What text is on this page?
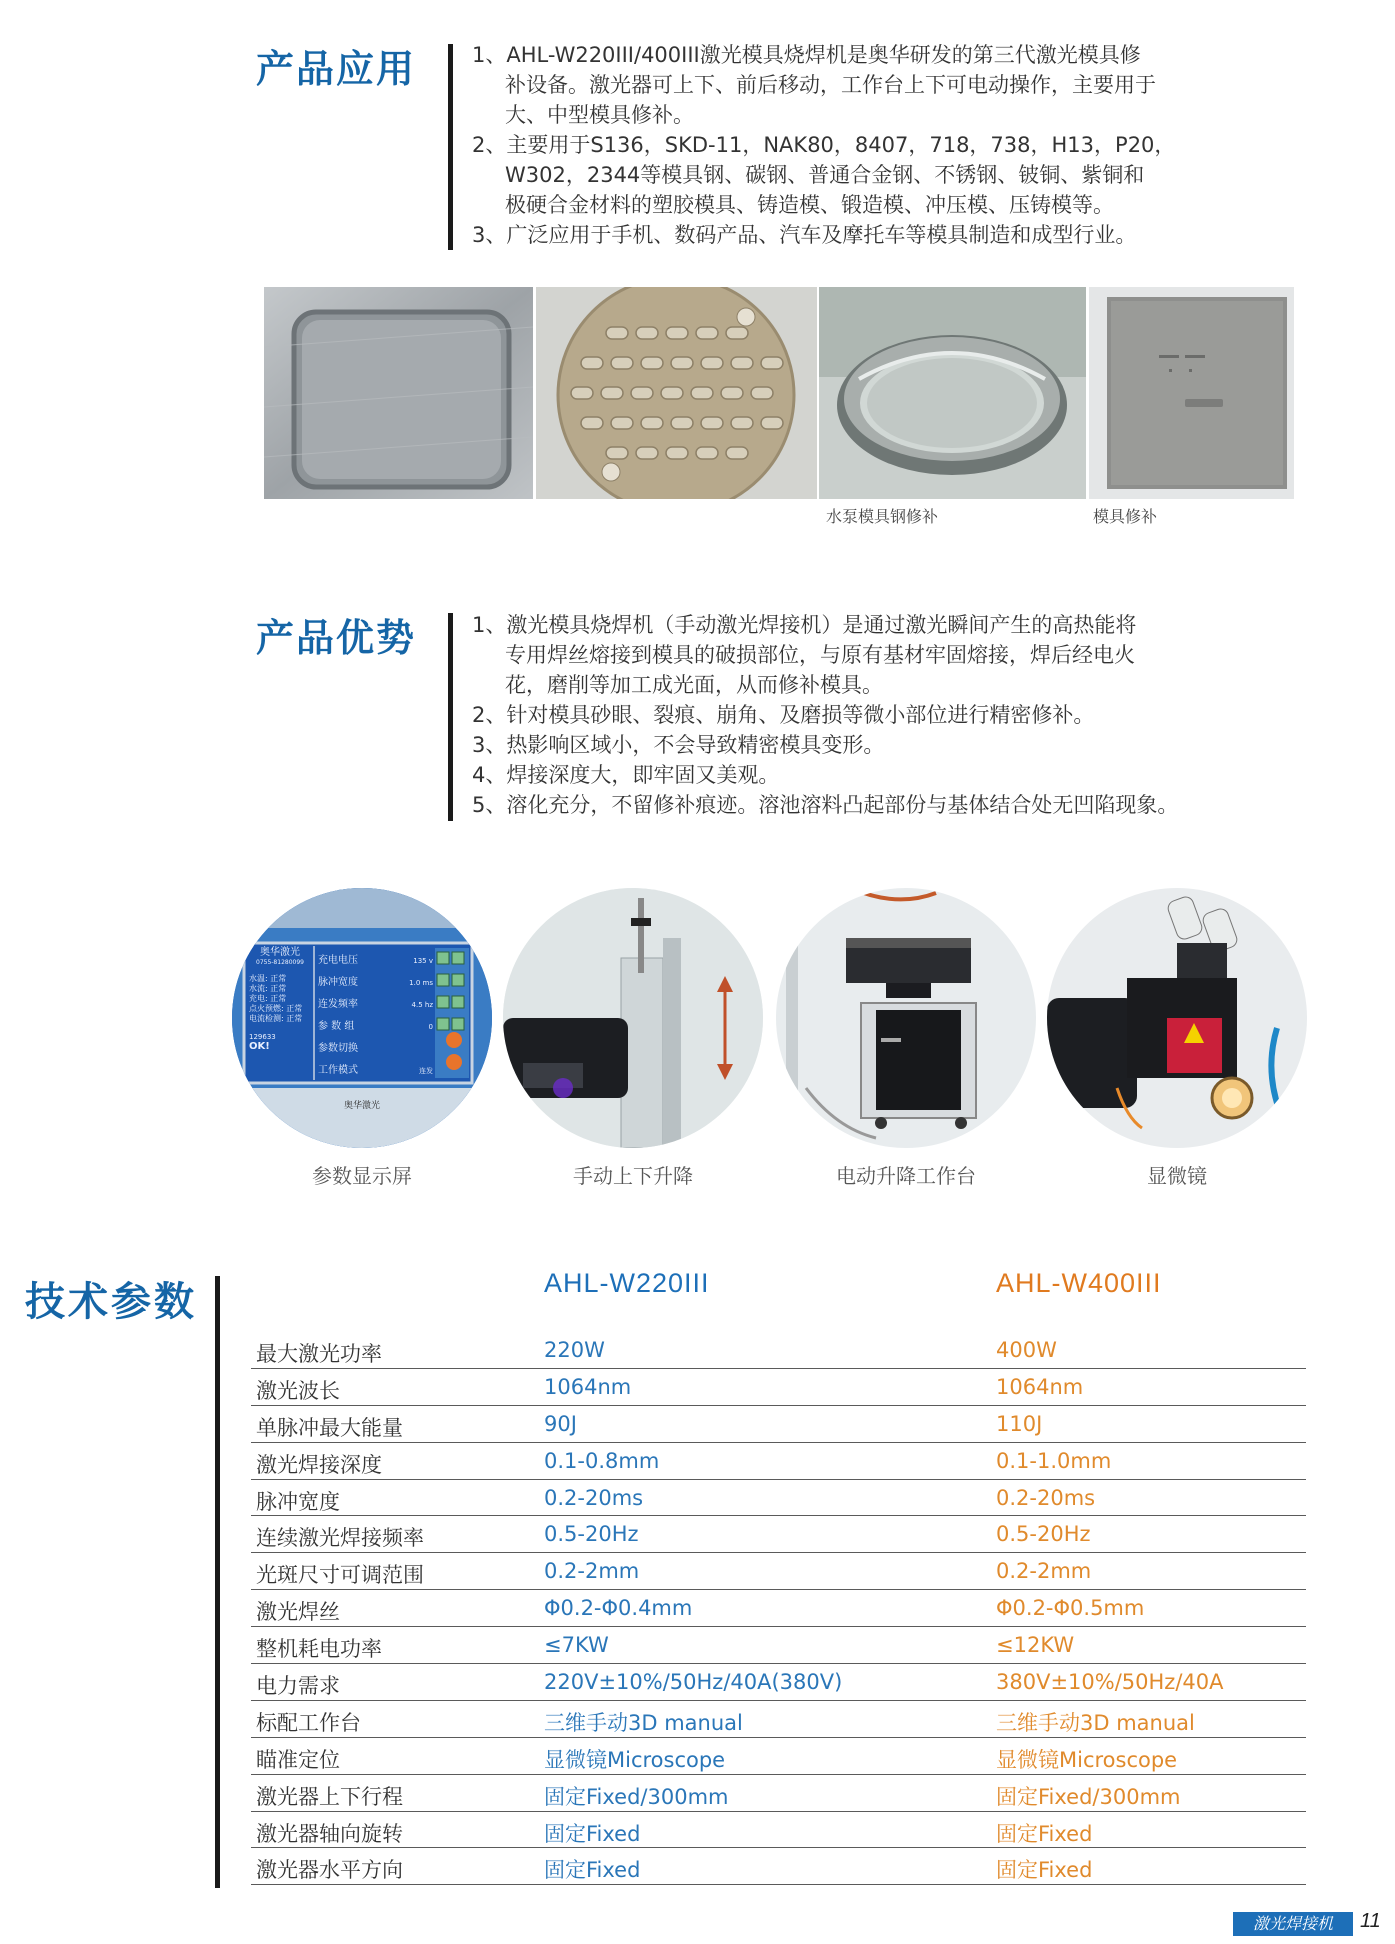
产品应用	1、AHL-W220III/400III激光模具烧焊机是奥华研发的第三代激光模具修

补设备。激光器可上下、前后移动，工作台上下可电动操作，主要用于

大、中型模具修补。

2、主要用于S136，SKD-11，NAK80，8407，718，738，H13，P20，

W302，2344等模具钢、碳钢、普通合金钢、不锈钢、铍铜、紫铜和

极硬合金材料的塑胶模具、铸造模、锻造模、冲压模、压铸模等。

3、广泛应用于手机、数码产品、汽车及摩托车等模具制造和成型行业。

水泵模具钢修补	模具修补
产品优势	1、激光模具烧焊机（手动激光焊接机）是通过激光瞬间产生的高热能将

专用焊丝熔接到模具的破损部位，与原有基材牢固熔接，焊后经电火

花，磨削等加工成光面，从而修补模具。

2、针对模具砂眼、裂痕、崩角、及磨损等微小部位进行精密修补。

3、热影响区域小，不会导致精密模具变形。

4、焊接深度大，即牢固又美观。

5、溶化充分，不留修补痕迹。溶池溶料凸起部份与基体结合处无凹陷现象。

奥华激光
0755-81280099
水温: 正常
水流: 正常
充电: 正常
点火预燃: 正常
电流检测: 正常
129633
OK!
充电电压	135 v
脉冲宽度	1.0 ms
连发频率	4.5 hz
参 数 组	0
参数切换
工作模式	连发
奥华激光
参数显示屏	手动上下升降	电动升降工作台	显微镜
技术参数	AHL-W220III	AHL-W400III
最大激光功率	220W	400W
激光波长	1064nm	1064nm
单脉冲最大能量	90J	110J
激光焊接深度	0.1-0.8mm	0.1-1.0mm
脉冲宽度	0.2-20ms	0.2-20ms
连续激光焊接频率	0.5-20Hz	0.5-20Hz
光斑尺寸可调范围	0.2-2mm	0.2-2mm
激光焊丝	Φ0.2-Φ0.4mm	Φ0.2-Φ0.5mm
整机耗电功率	≤7KW	≤12KW
电力需求	220V±10%/50Hz/40A(380V)	380V±10%/50Hz/40A
标配工作台	三维手动3D manual	三维手动3D manual
瞄准定位	显微镜Microscope	显微镜Microscope
激光器上下行程	固定Fixed/300mm	固定Fixed/300mm
激光器轴向旋转	固定Fixed	固定Fixed
激光器水平方向	固定Fixed	固定Fixed
激光焊接机	11
